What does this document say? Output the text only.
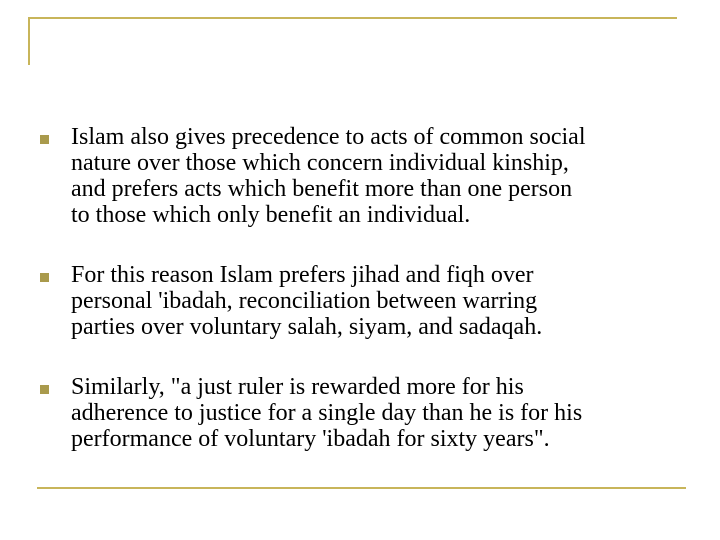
Islam also gives precedence to acts of common social
nature over those which concern individual kinship,
and prefers acts which benefit more than one person
to those which only benefit an individual.
For this reason Islam prefers jihad and fiqh over
personal 'ibadah, reconciliation between warring
parties over voluntary salah, siyam, and sadaqah.
Similarly, "a just ruler is rewarded more for his
adherence to justice for a single day than he is for his
performance of voluntary 'ibadah for sixty years".
